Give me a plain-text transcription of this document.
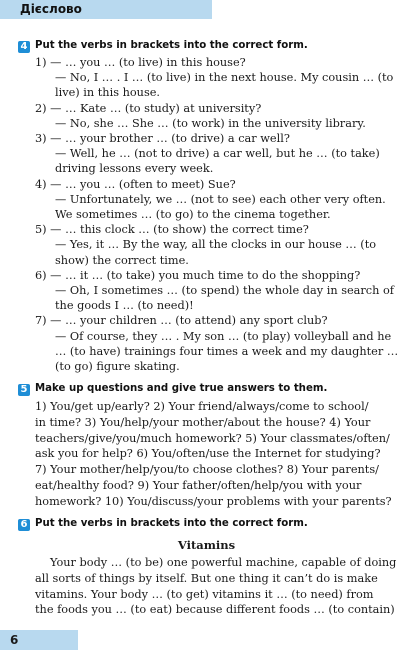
Дієслово
4 Put the verbs in brackets into the correct form.
1) — … you … (to live) in this house?
— No, I … . I … (to live) in the next house. My cousin … (to
live) in this house.
2) — … Kate … (to study) at university?
— No, she … She … (to work) in the university library.
3) — … your brother … (to drive) a car well?
— Well, he … (not to drive) a car well, but he … (to take)
driving lessons every week.
4) — … you … (often to meet) Sue?
— Unfortunately, we … (not to see) each other very often.
We sometimes … (to go) to the cinema together.
5) — … this clock … (to show) the correct time?
— Yes, it … By the way, all the clocks in our house … (to
show) the correct time.
6) — … it … (to take) you much time to do the shopping?
— Oh, I sometimes … (to spend) the whole day in search of
the goods I … (to need)!
7) — … your children … (to attend) any sport club?
— Of course, they … . My son … (to play) volleyball and he
… (to have) trainings four times a week and my daughter …
(to go) figure skating.
5 Make up questions and give true answers to them.
1) You/get up/early? 2) Your friend/always/come to school/
in time? 3) You/help/your mother/about the house? 4) Your
teachers/give/you/much homework? 5) Your classmates/often/
ask you for help? 6) You/often/use the Internet for studying?
7) Your mother/help/you/to choose clothes? 8) Your parents/
eat/healthy food? 9) Your father/often/help/you with your
homework? 10) You/discuss/your problems with your parents?
6 Put the verbs in brackets into the correct form.
Vitamins
Your body … (to be) one powerful machine, capable of doing
all sorts of things by itself. But one thing it can’t do is make
vitamins. Your body … (to get) vitamins it … (to need) from
the foods you … (to eat) because different foods … (to contain)
6
